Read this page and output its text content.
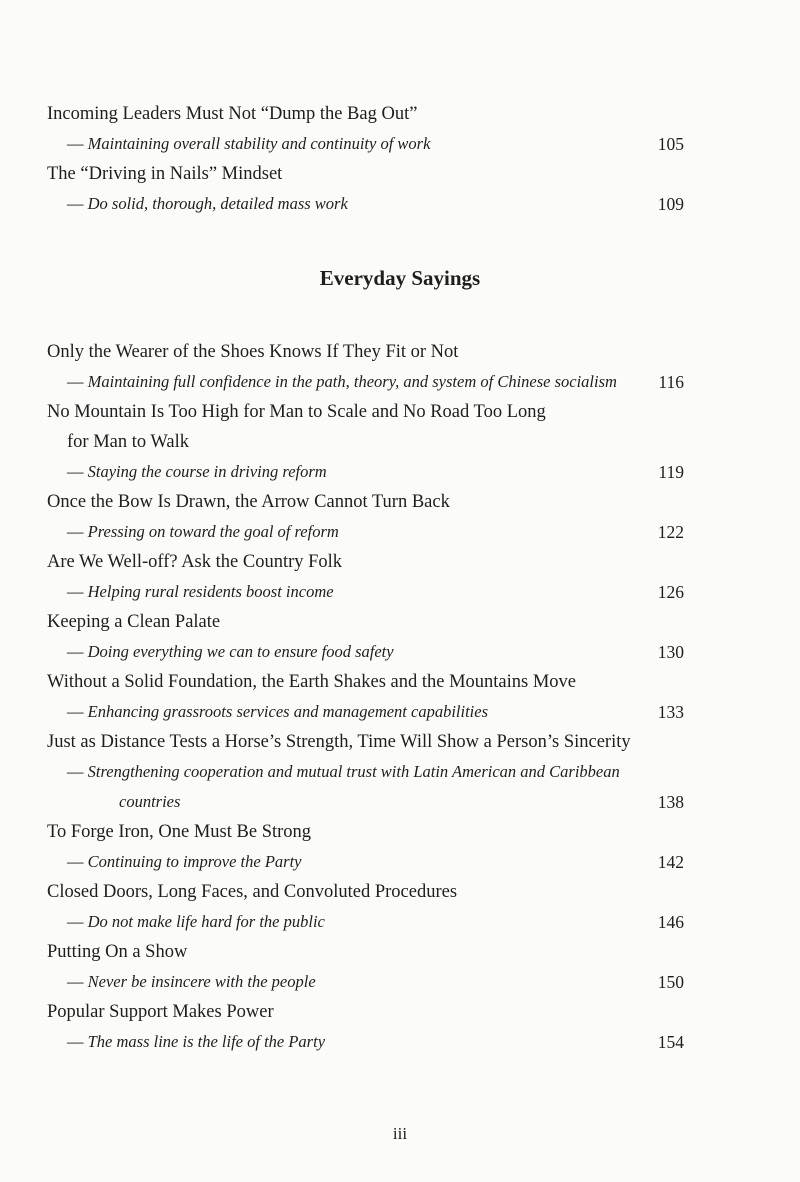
Incoming Leaders Must Not “Dump the Bag Out”
— Maintaining overall stability and continuity of work	105
The “Driving in Nails” Mindset
— Do solid, thorough, detailed mass work	109
Everyday Sayings
Only the Wearer of the Shoes Knows If They Fit or Not
— Maintaining full confidence in the path, theory, and system of Chinese socialism 116
No Mountain Is Too High for Man to Scale and No Road Too Long
for Man to Walk
— Staying the course in driving reform	119
Once the Bow Is Drawn, the Arrow Cannot Turn Back
— Pressing on toward the goal of reform	122
Are We Well-off? Ask the Country Folk
— Helping rural residents boost income	126
Keeping a Clean Palate
— Doing everything we can to ensure food safety	130
Without a Solid Foundation, the Earth Shakes and the Mountains Move
— Enhancing grassroots services and management capabilities	133
Just as Distance Tests a Horse’s Strength, Time Will Show a Person’s Sincerity
— Strengthening cooperation and mutual trust with Latin American and Caribbean
countries	138
To Forge Iron, One Must Be Strong
— Continuing to improve the Party	142
Closed Doors, Long Faces, and Convoluted Procedures
— Do not make life hard for the public	146
Putting On a Show
— Never be insincere with the people	150
Popular Support Makes Power
— The mass line is the life of the Party	154
iii
